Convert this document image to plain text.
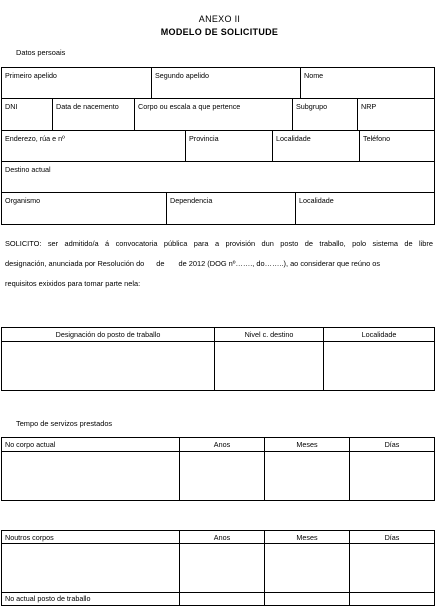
ANEXO II
MODELO DE SOLICITUDE
Datos persoais
Primeiro apelido	Segundo apelido	Nome
DNI	Data de nacemento	Corpo ou escala a que pertence	Subgrupo	NRP
Enderezo, rúa e nº	Provincia	Localidade	Teléfono
Destino actual
Organismo	Dependencia	Localidade
SOLICITO: ser admitido/a á convocatoria pública para a provisión dun posto de traballo, polo sistema de libre
designación, anunciada por Resolución do de de 2012 (DOG nº……., do……..), ao considerar que reúno os
requisitos exixidos para tomar parte nela:
Designación do posto de traballo	Nivel c. destino	Localidade

Tempo de servizos prestados
No corpo actual	Anos	Meses	Días

Noutros corpos	Anos	Meses	Días

No actual posto de traballo			
